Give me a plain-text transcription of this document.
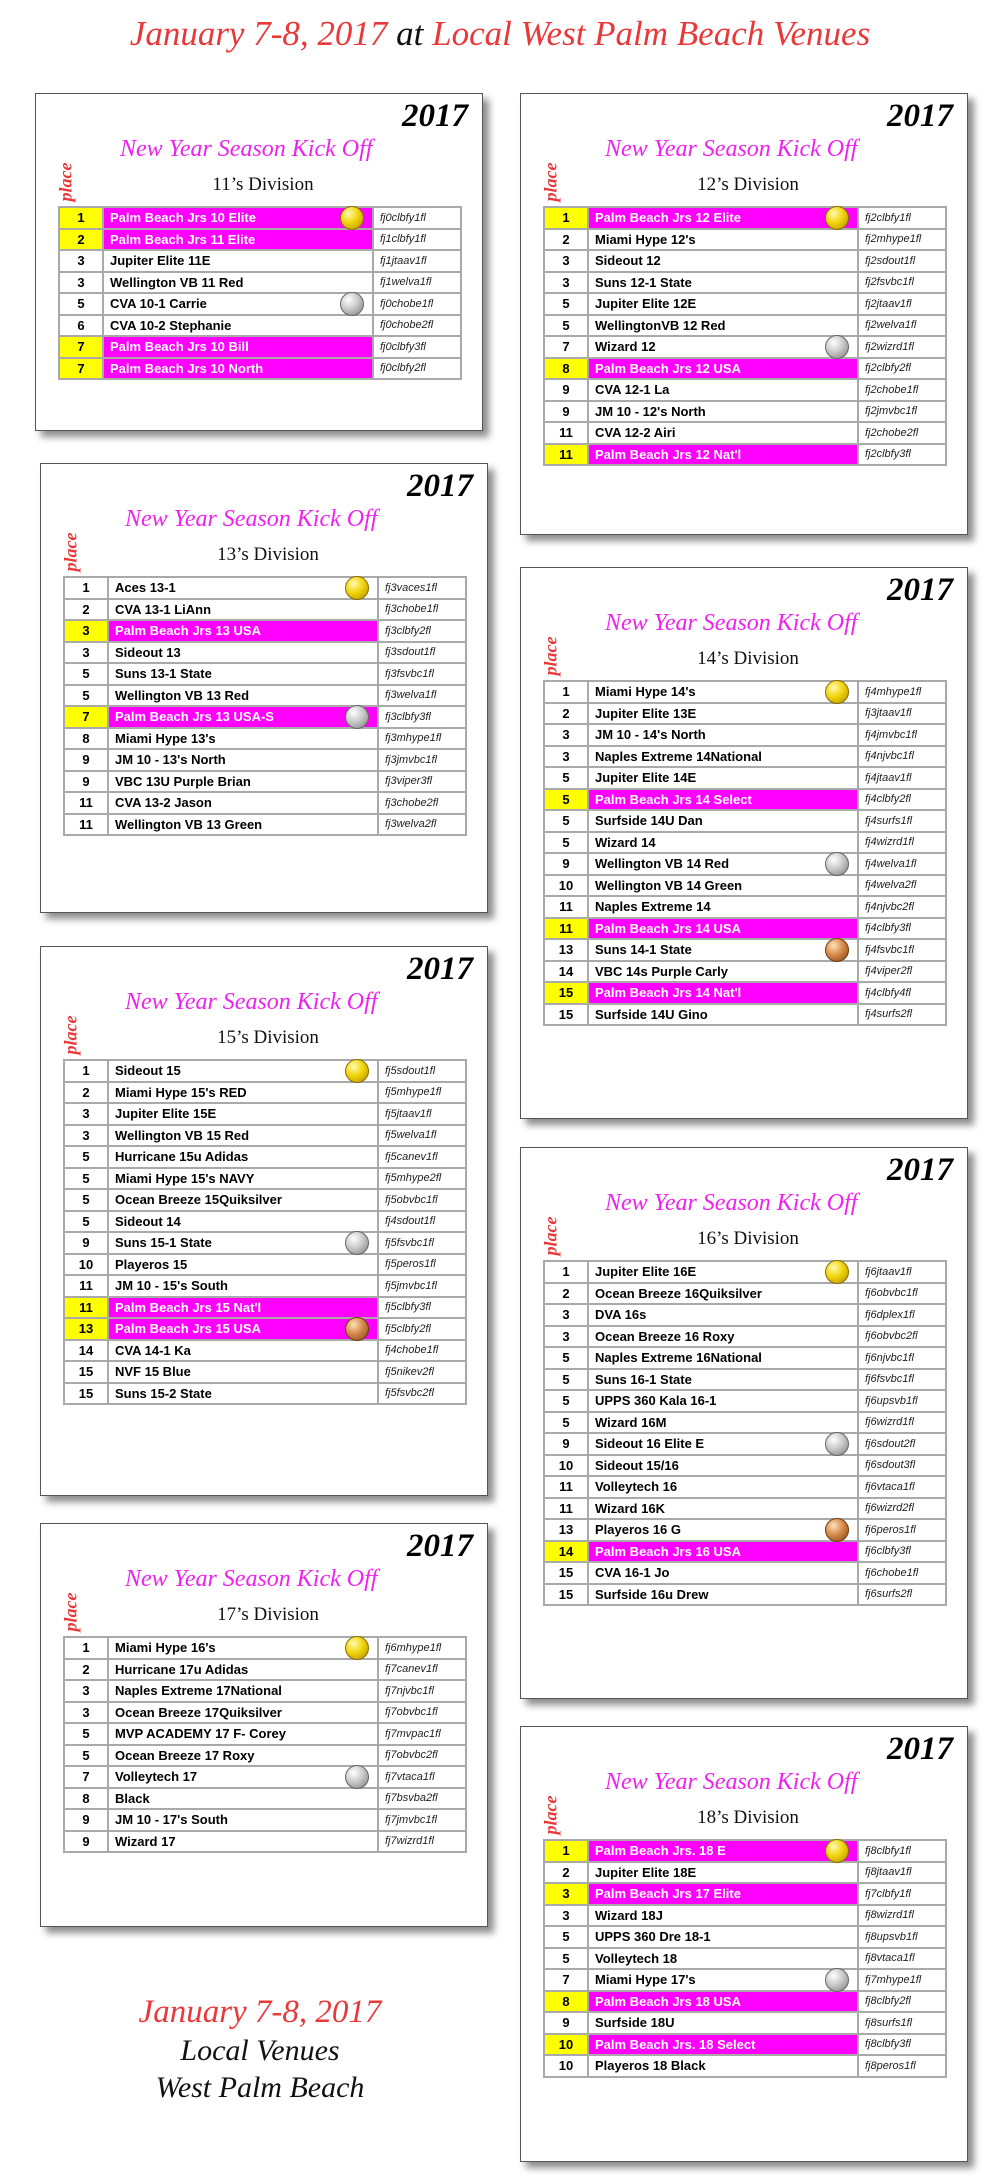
January 7-8, 2017 at Local West Palm Beach Venues
2017
place
New Year Season Kick Off
11’s Division
1	Palm Beach Jrs 10 Elite	fj0clbfy1fl
2	Palm Beach Jrs 11 Elite	fj1clbfy1fl
3	Jupiter Elite 11E	fj1jtaav1fl
3	Wellington VB 11 Red	fj1welva1fl
5	CVA 10-1 Carrie	fj0chobe1fl
6	CVA 10-2 Stephanie	fj0chobe2fl
7	Palm Beach Jrs 10 Bill	fj0clbfy3fl
7	Palm Beach Jrs 10 North	fj0clbfy2fl
2017
place
New Year Season Kick Off
12’s Division
1	Palm Beach Jrs 12 Elite	fj2clbfy1fl
2	Miami Hype 12's	fj2mhype1fl
3	Sideout 12	fj2sdout1fl
3	Suns 12-1 State	fj2fsvbc1fl
5	Jupiter Elite 12E	fj2jtaav1fl
5	WellingtonVB 12 Red	fj2welva1fl
7	Wizard 12	fj2wizrd1fl
8	Palm Beach Jrs 12 USA	fj2clbfy2fl
9	CVA 12-1 La	fj2chobe1fl
9	JM 10 - 12's North	fj2jmvbc1fl
11	CVA 12-2 Airi	fj2chobe2fl
11	Palm Beach Jrs 12 Nat'l	fj2clbfy3fl
2017
place
New Year Season Kick Off
13’s Division
1	Aces 13-1	fj3vaces1fl
2	CVA 13-1 LiAnn	fj3chobe1fl
3	Palm Beach Jrs 13 USA	fj3clbfy2fl
3	Sideout 13	fj3sdout1fl
5	Suns 13-1 State	fj3fsvbc1fl
5	Wellington VB 13 Red	fj3welva1fl
7	Palm Beach Jrs 13 USA-S	fj3clbfy3fl
8	Miami Hype 13's	fj3mhype1fl
9	JM 10 - 13's North	fj3jmvbc1fl
9	VBC 13U Purple Brian	fj3viper3fl
11	CVA 13-2 Jason	fj3chobe2fl
11	Wellington VB 13 Green	fj3welva2fl
2017
place
New Year Season Kick Off
14’s Division
1	Miami Hype 14's	fj4mhype1fl
2	Jupiter Elite 13E	fj3jtaav1fl
3	JM 10 - 14's North	fj4jmvbc1fl
3	Naples Extreme 14National	fj4njvbc1fl
5	Jupiter Elite 14E	fj4jtaav1fl
5	Palm Beach Jrs 14 Select	fj4clbfy2fl
5	Surfside 14U Dan	fj4surfs1fl
5	Wizard 14	fj4wizrd1fl
9	Wellington VB 14 Red	fj4welva1fl
10	Wellington VB 14 Green	fj4welva2fl
11	Naples Extreme 14	fj4njvbc2fl
11	Palm Beach Jrs 14 USA	fj4clbfy3fl
13	Suns 14-1 State	fj4fsvbc1fl
14	VBC 14s Purple Carly	fj4viper2fl
15	Palm Beach Jrs 14 Nat'l	fj4clbfy4fl
15	Surfside 14U Gino	fj4surfs2fl
2017
place
New Year Season Kick Off
15’s Division
1	Sideout 15	fj5sdout1fl
2	Miami Hype 15's RED	fj5mhype1fl
3	Jupiter Elite 15E	fj5jtaav1fl
3	Wellington VB 15 Red	fj5welva1fl
5	Hurricane 15u Adidas	fj5canev1fl
5	Miami Hype 15's NAVY	fj5mhype2fl
5	Ocean Breeze 15Quiksilver	fj5obvbc1fl
5	Sideout 14	fj4sdout1fl
9	Suns 15-1 State	fj5fsvbc1fl
10	Playeros 15	fj5peros1fl
11	JM 10 - 15's South	fj5jmvbc1fl
11	Palm Beach Jrs 15 Nat'l	fj5clbfy3fl
13	Palm Beach Jrs 15 USA	fj5clbfy2fl
14	CVA 14-1 Ka	fj4chobe1fl
15	NVF 15 Blue	fj5nikev2fl
15	Suns 15-2 State	fj5fsvbc2fl
2017
place
New Year Season Kick Off
16’s Division
1	Jupiter Elite 16E	fj6jtaav1fl
2	Ocean Breeze 16Quiksilver	fj6obvbc1fl
3	DVA 16s	fj6dplex1fl
3	Ocean Breeze 16 Roxy	fj6obvbc2fl
5	Naples Extreme 16National	fj6njvbc1fl
5	Suns 16-1 State	fj6fsvbc1fl
5	UPPS 360 Kala 16-1	fj6upsvb1fl
5	Wizard 16M	fj6wizrd1fl
9	Sideout 16 Elite E	fj6sdout2fl
10	Sideout 15/16	fj6sdout3fl
11	Volleytech 16	fj6vtaca1fl
11	Wizard 16K	fj6wizrd2fl
13	Playeros 16 G	fj6peros1fl
14	Palm Beach Jrs 16 USA	fj6clbfy3fl
15	CVA 16-1 Jo	fj6chobe1fl
15	Surfside 16u Drew	fj6surfs2fl
2017
place
New Year Season Kick Off
17’s Division
1	Miami Hype 16's	fj6mhype1fl
2	Hurricane 17u Adidas	fj7canev1fl
3	Naples Extreme 17National	fj7njvbc1fl
3	Ocean Breeze 17Quiksilver	fj7obvbc1fl
5	MVP ACADEMY 17 F- Corey	fj7mvpac1fl
5	Ocean Breeze 17 Roxy	fj7obvbc2fl
7	Volleytech 17	fj7vtaca1fl
8	Black	fj7bsvba2fl
9	JM 10 - 17's South	fj7jmvbc1fl
9	Wizard 17	fj7wizrd1fl
2017
place
New Year Season Kick Off
18’s Division
1	Palm Beach Jrs. 18 E	fj8clbfy1fl
2	Jupiter Elite 18E	fj8jtaav1fl
3	Palm Beach Jrs 17 Elite	fj7clbfy1fl
3	Wizard 18J	fj8wizrd1fl
5	UPPS 360 Dre 18-1	fj8upsvb1fl
5	Volleytech 18	fj8vtaca1fl
7	Miami Hype 17's	fj7mhype1fl
8	Palm Beach Jrs 18 USA	fj8clbfy2fl
9	Surfside 18U	fj8surfs1fl
10	Palm Beach Jrs. 18 Select	fj8clbfy3fl
10	Playeros 18 Black	fj8peros1fl
January 7-8, 2017
Local Venues
West Palm Beach
